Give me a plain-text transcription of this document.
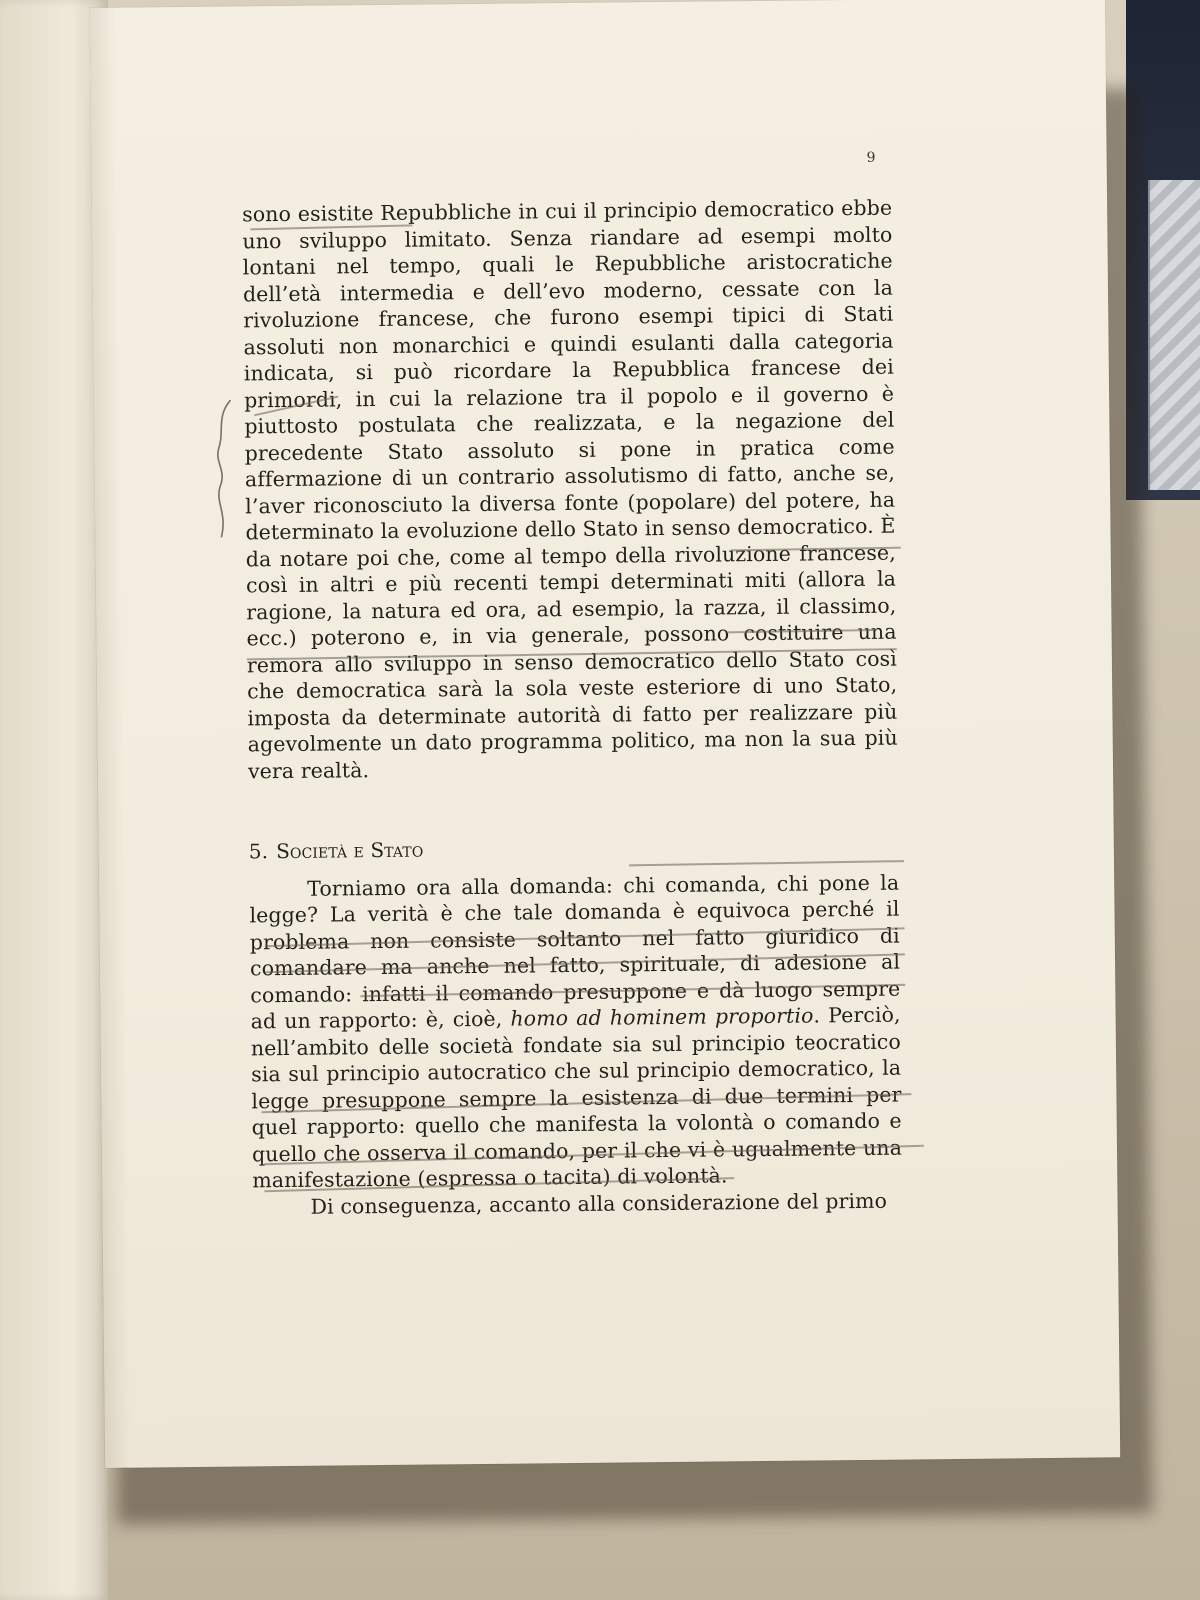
9

sono esistite Repubbliche in cui il principio democratico ebbe uno sviluppo limitato. Senza riandare ad esempi molto lontani nel tempo, quali le Repubbliche aristocratiche dell’età intermedia e dell’evo moderno, cessate con la rivoluzione francese, che furono esempi tipici di Stati assoluti non monarchici e quindi esulanti dalla categoria indicata, si può ricordare la Repubblica francese dei primordi, in cui la relazione tra il popolo e il governo è piuttosto postulata che realizzata, e la negazione del precedente Stato assoluto si pone in pratica come affermazione di un contrario assolutismo di fatto, anche se, l’aver riconosciuto la diversa fonte (popolare) del potere, ha determinato la evoluzione dello Stato in senso democratico. È da notare poi che, come al tempo della rivoluzione francese, così in altri e più recenti tempi determinati miti (allora la ragione, la natura ed ora, ad esempio, la razza, il classimo, ecc.) poterono e, in via generale, possono costituire una remora allo sviluppo in senso democratico dello Stato così che democratica sarà la sola veste esteriore di uno Stato, imposta da determinate autorità di fatto per realizzare più agevolmente un dato programma politico, ma non la sua più vera realtà.

5. Società e Stato

Torniamo ora alla domanda: chi comanda, chi pone la legge? La verità è che tale domanda è equivoca perché il problema non consiste soltanto nel fatto giuridico di comandare ma anche nel fatto, spirituale, di adesione al comando: infatti il comando presuppone e dà luogo sempre ad un rapporto: è, cioè, homo ad hominem proportio. Perciò, nell’ambito delle società fondate sia sul principio teocratico sia sul principio autocratico che sul principio democratico, la legge presuppone sempre la esistenza di due termini per quel rapporto: quello che manifesta la volontà o comando e quello che osserva il comando, per il che vi è ugualmente una manifestazione (espressa o tacita) di volontà.

Di conseguenza, accanto alla considerazione del primo
